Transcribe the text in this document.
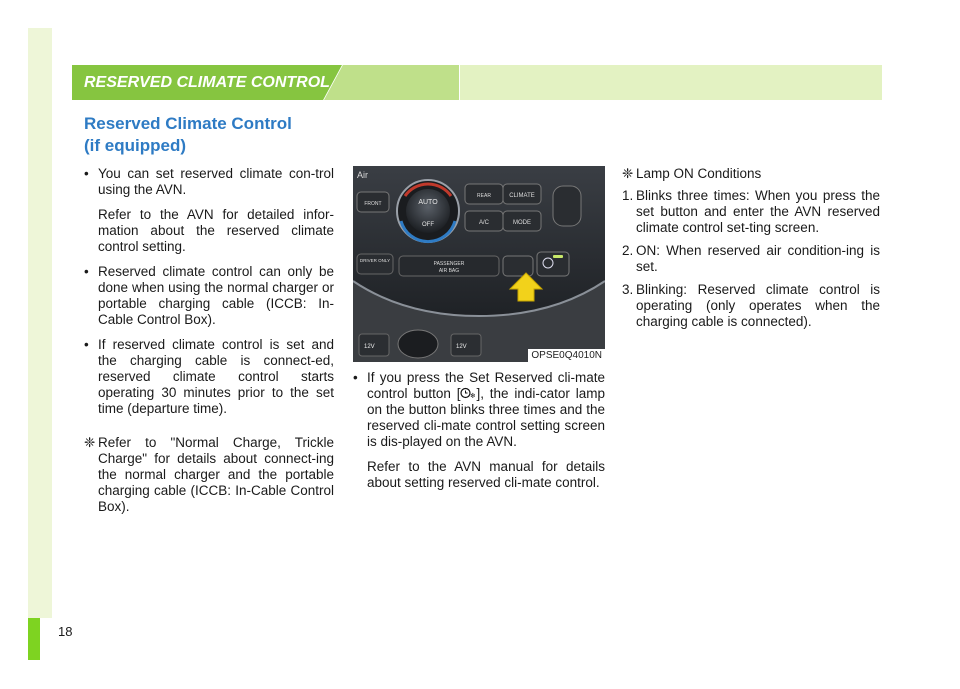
18
RESERVED CLIMATE CONTROL
Reserved Climate Control
(if equipped)

• You can set reserved climate con-trol using the AVN.

Refer to the AVN for detailed infor-mation about the reserved climate control setting.

• Reserved climate control can only be done when using the normal charger or portable charging cable (ICCB: In-Cable Control Box).

• If reserved climate control is set and the charging cable is connect-ed, reserved climate control starts operating 30 minutes prior to the set time (departure time).

❈ Refer to "Normal Charge, Trickle Charge" for details about connect-ing the normal charger and the portable charging cable (ICCB: In-Cable Control Box).

Air
AUTO
OFF
REAR	CLIMATE
A/C	MODE
FRONT
DRIVER ONLY
PASSENGER
AIR BAG
12V	12V
OPSE0Q4010N

• If you press the Set Reserved cli-mate control button [ ❄ ], the indi-cator lamp on the button blinks three times and the reserved cli-mate control setting screen is dis-played on the AVN.

Refer to the AVN manual for details about setting reserved cli-mate control.

❈ Lamp ON Conditions

1. Blinks three times: When you press the set button and enter the AVN reserved climate control set-ting screen.

2. ON: When reserved air condition-ing is set.

3. Blinking: Reserved climate control is operating (only operates when the charging cable is connected).
